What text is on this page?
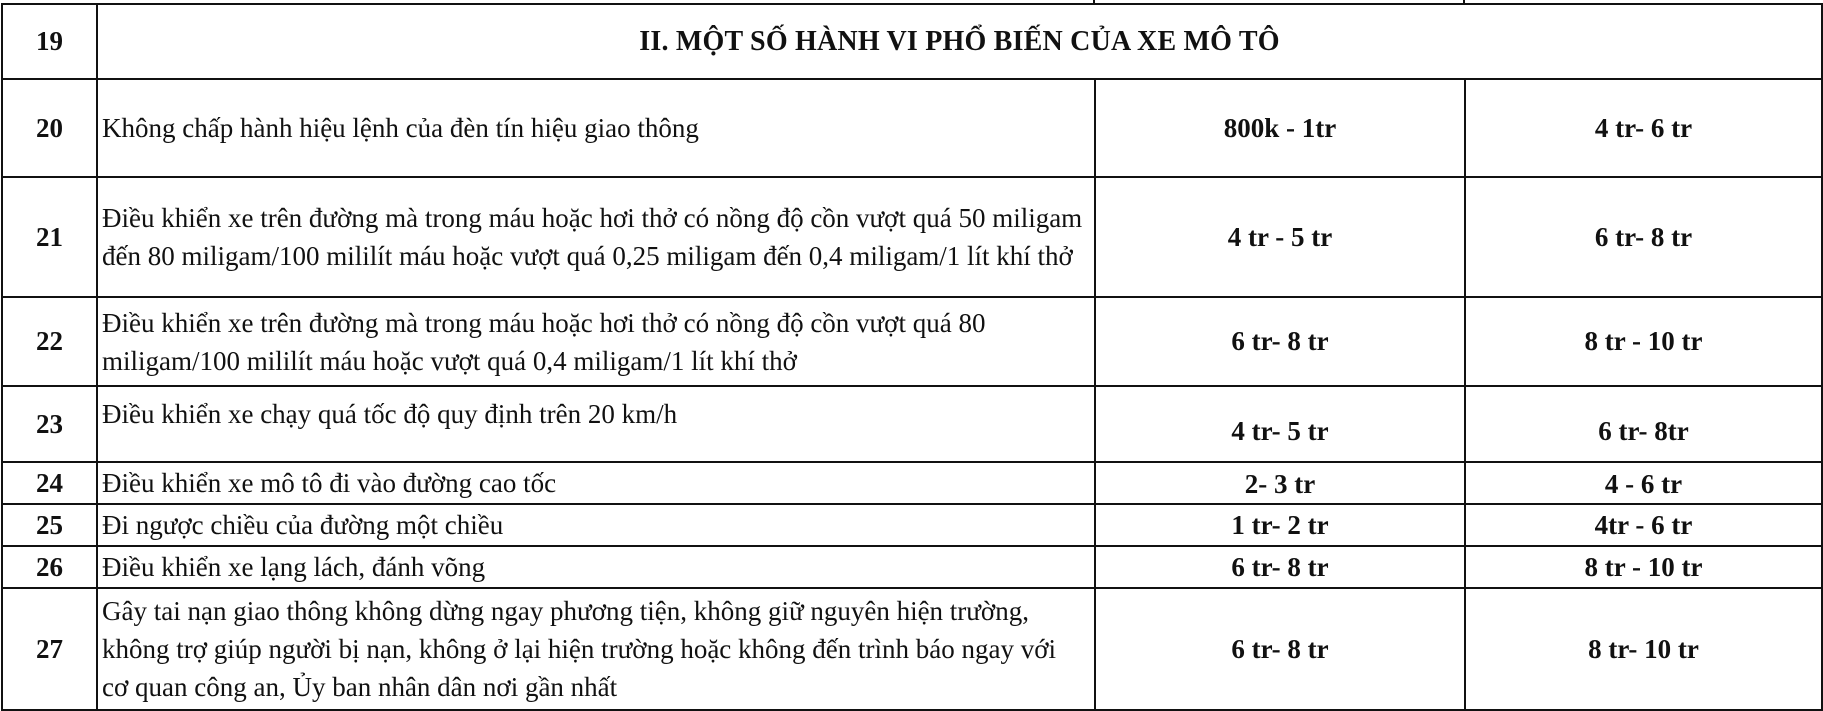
19	II. MỘT SỐ HÀNH VI PHỔ BIẾN CỦA XE MÔ TÔ		
20	Không chấp hành hiệu lệnh của đèn tín hiệu giao thông	800k - 1tr	4 tr- 6 tr
21	Điều khiển xe trên đường mà trong máu hoặc hơi thở có nồng độ cồn vượt quá 50 miligam đến 80 miligam/100 mililít máu hoặc vượt quá 0,25 miligam đến 0,4 miligam/1 lít khí thở	4 tr - 5 tr	6 tr- 8 tr
22	Điều khiển xe trên đường mà trong máu hoặc hơi thở có nồng độ cồn vượt quá 80 miligam/100 mililít máu hoặc vượt quá 0,4 miligam/1 lít khí thở	6 tr- 8 tr	8 tr - 10 tr
23	Điều khiển xe chạy quá tốc độ quy định trên 20 km/h	4 tr- 5 tr	6 tr- 8tr
24	Điều khiển xe mô tô đi vào đường cao tốc	2- 3 tr	4 - 6 tr
25	Đi ngược chiều của đường một chiều	1 tr- 2 tr	4tr - 6 tr
26	Điều khiển xe lạng lách, đánh võng	6 tr- 8 tr	8 tr - 10 tr
27	Gây tai nạn giao thông không dừng ngay phương tiện, không giữ nguyên hiện trường, không trợ giúp người bị nạn, không ở lại hiện trường hoặc không đến trình báo ngay với cơ quan công an, Ủy ban nhân dân nơi gần nhất	6 tr- 8 tr	8 tr- 10 tr
